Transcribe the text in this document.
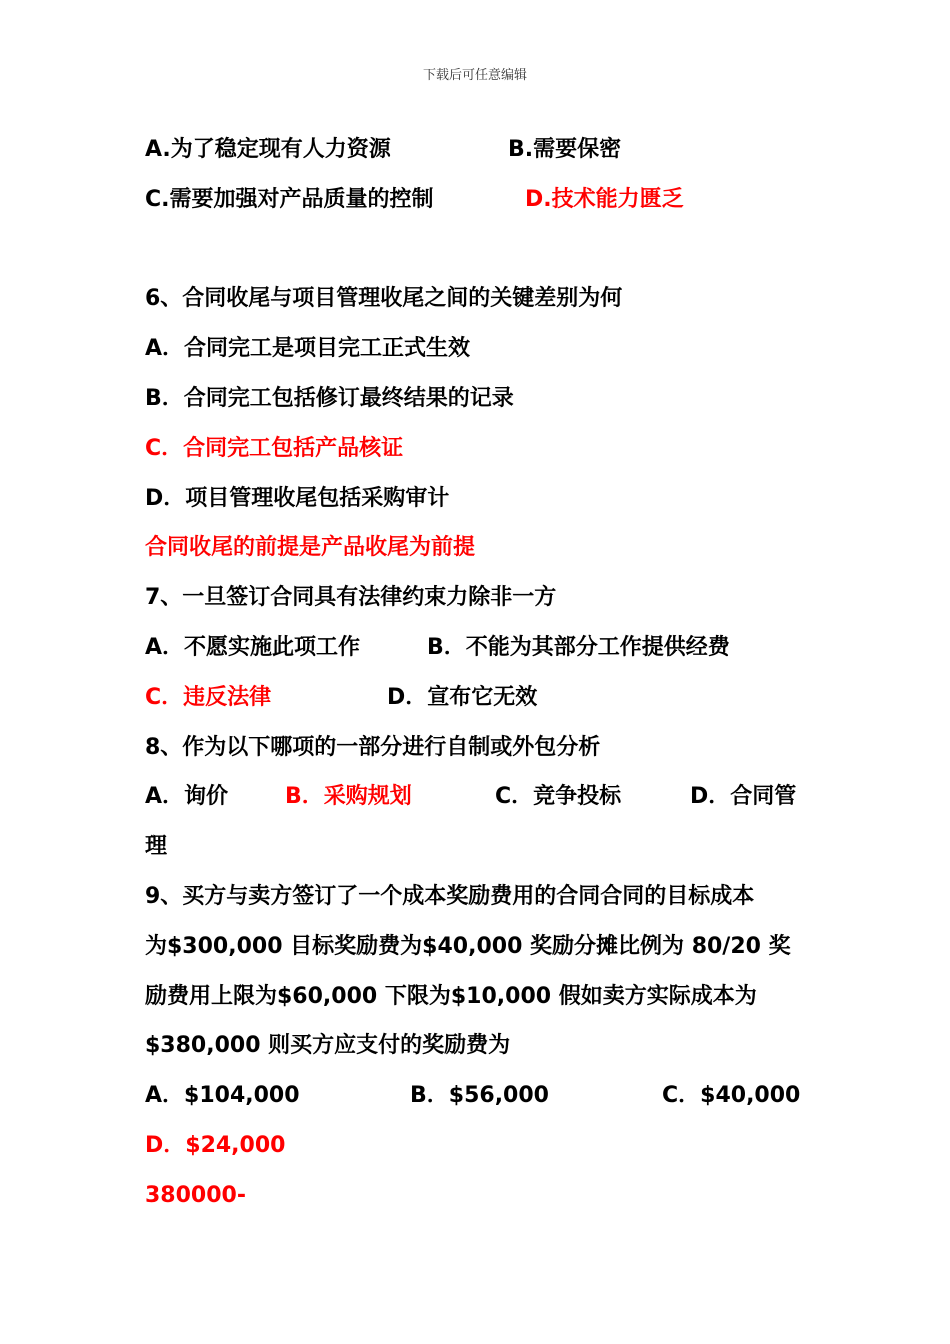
下载后可任意编辑
A.为了稳定现有人力资源	B.需要保密
C.需要加强对产品质量的控制	D.技术能力匮乏
6、合同收尾与项目管理收尾之间的关键差别为何
A．合同完工是项目完工正式生效
B．合同完工包括修订最终结果的记录
C．合同完工包括产品核证
D．项目管理收尾包括采购审计
合同收尾的前提是产品收尾为前提
7、一旦签订合同具有法律约束力除非一方
A．不愿实施此项工作	B．不能为其部分工作提供经费
C．违反法律	D．宣布它无效
8、作为以下哪项的一部分进行自制或外包分析
A．询价	B．采购规划	C．竞争投标	D．合同管
理
9、买方与卖方签订了一个成本奖励费用的合同合同的目标成本
为$300,000 目标奖励费为$40,000 奖励分摊比例为 80/20 奖
励费用上限为$60,000 下限为$10,000 假如卖方实际成本为
$380,000 则买方应支付的奖励费为
A．$104,000	B．$56,000	C．$40,000
D．$24,000
380000-
